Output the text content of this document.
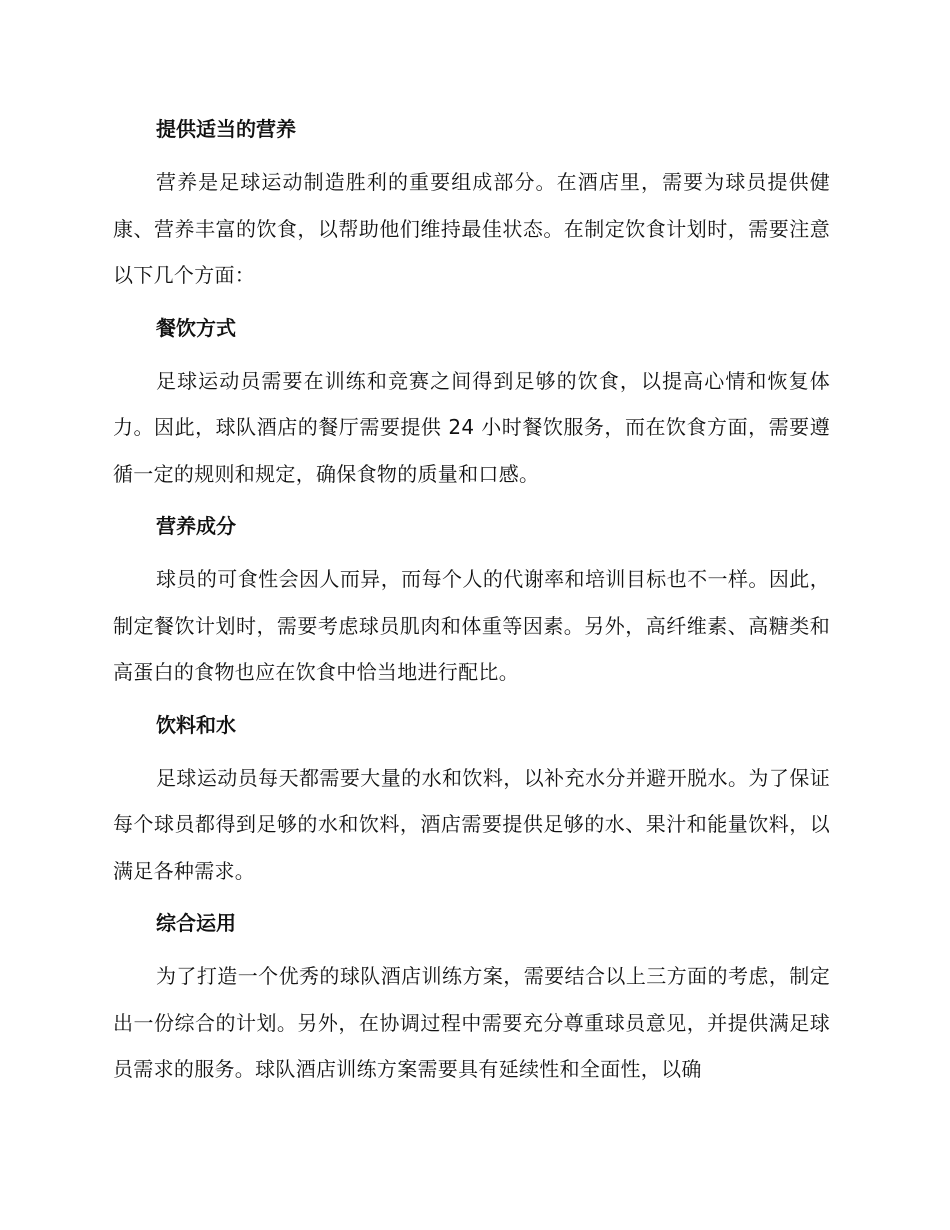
提供适当的营养

营养是足球运动制造胜利的重要组成部分。在酒店里，需要为球员提供健康、营养丰富的饮食，以帮助他们维持最佳状态。在制定饮食计划时，需要注意以下几个方面：

餐饮方式

足球运动员需要在训练和竞赛之间得到足够的饮食，以提高心情和恢复体力。因此，球队酒店的餐厅需要提供 24 小时餐饮服务，而在饮食方面，需要遵循一定的规则和规定，确保食物的质量和口感。

营养成分

球员的可食性会因人而异，而每个人的代谢率和培训目标也不一样。因此，制定餐饮计划时，需要考虑球员肌肉和体重等因素。另外，高纤维素、高糖类和高蛋白的食物也应在饮食中恰当地进行配比。

饮料和水

足球运动员每天都需要大量的水和饮料，以补充水分并避开脱水。为了保证每个球员都得到足够的水和饮料，酒店需要提供足够的水、果汁和能量饮料，以满足各种需求。

综合运用

为了打造一个优秀的球队酒店训练方案，需要结合以上三方面的考虑，制定出一份综合的计划。另外，在协调过程中需要充分尊重球员意见，并提供满足球员需求的服务。球队酒店训练方案需要具有延续性和全面性，以确
